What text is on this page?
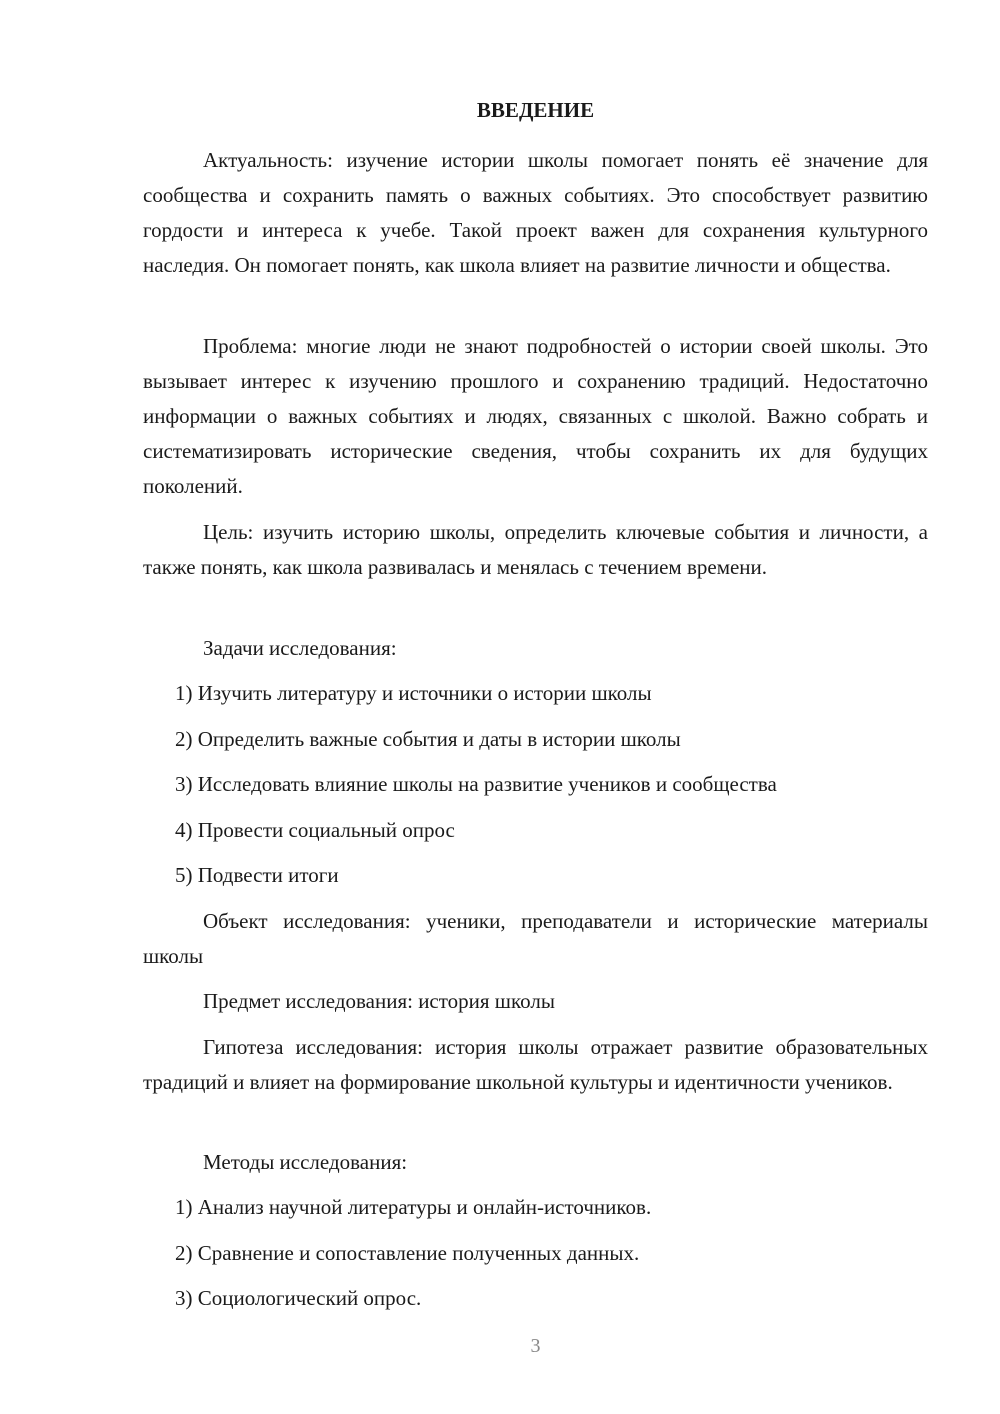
ВВЕДЕНИЕ

Актуальность: изучение истории школы помогает понять её значение для сообщества и сохранить память о важных событиях. Это способствует развитию гордости и интереса к учебе. Такой проект важен для сохранения культурного наследия. Он помогает понять, как школа влияет на развитие личности и общества.

Проблема: многие люди не знают подробностей о истории своей школы. Это вызывает интерес к изучению прошлого и сохранению традиций. Недостаточно информации о важных событиях и людях, связанных с школой. Важно собрать и систематизировать исторические сведения, чтобы сохранить их для будущих поколений.

Цель: изучить историю школы, определить ключевые события и личности, а также понять, как школа развивалась и менялась с течением времени.

Задачи исследования:

1) Изучить литературу и источники о истории школы

2) Определить важные события и даты в истории школы

3) Исследовать влияние школы на развитие учеников и сообщества

4) Провести социальный опрос

5) Подвести итоги

Объект исследования: ученики, преподаватели и исторические материалы школы

Предмет исследования: история школы

Гипотеза исследования: история школы отражает развитие образовательных традиций и влияет на формирование школьной культуры и идентичности учеников.

Методы исследования:

1) Анализ научной литературы и онлайн-источников.

2) Сравнение и сопоставление полученных данных.

3) Социологический опрос.

3
